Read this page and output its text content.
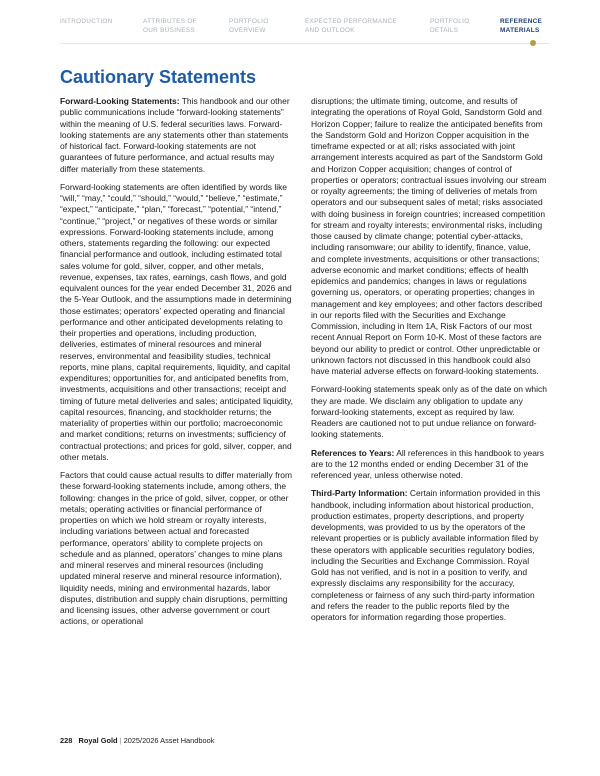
INTRODUCTION	ATTRIBUTES OF
OUR BUSINESS
PORTFOLIO
OVERVIEW
EXPECTED PERFORMANCE
AND OUTLOOK
PORTFOLIO
DETAILS
REFERENCE
MATERIALS
Cautionary Statements

Forward-Looking Statements: This handbook and our other public communications include “forward-looking statements” within the meaning of U.S. federal securities laws. Forward-looking statements are any statements other than statements of historical fact. Forward-looking statements are not guarantees of future performance, and actual results may differ materially from these statements.

Forward-looking statements are often identified by words like “will,” “may,” “could,” “should,” “would,” “believe,” “estimate,” “expect,” “anticipate,” “plan,” “forecast,” “potential,” “intend,” “continue,” “project,” or negatives of these words or similar expressions. Forward-looking statements include, among others, statements regarding the following: our expected financial performance and outlook, including estimated total sales volume for gold, silver, copper, and other metals, revenue, expenses, tax rates, earnings, cash flows, and gold equivalent ounces for the year ended December 31, 2026 and the 5-Year Outlook, and the assumptions made in determining those estimates; operators’ expected operating and financial performance and other anticipated developments relating to their properties and operations, including production, deliveries, estimates of mineral resources and mineral reserves, environmental and feasibility studies, technical reports, mine plans, capital requirements, liquidity, and capital expenditures; opportunities for, and anticipated benefits from, investments, acquisitions and other transactions; receipt and timing of future metal deliveries and sales; anticipated liquidity, capital resources, financing, and stockholder returns; the materiality of properties within our portfolio; macroeconomic and market conditions; returns on investments; sufficiency of contractual protections; and prices for gold, silver, copper, and other metals.

Factors that could cause actual results to differ materially from these forward-looking statements include, among others, the following: changes in the price of gold, silver, copper, or other metals; operating activities or financial performance of properties on which we hold stream or royalty interests, including variations between actual and forecasted performance, operators’ ability to complete projects on schedule and as planned, operators’ changes to mine plans and mineral reserves and mineral resources (including updated mineral reserve and mineral resource information), liquidity needs, mining and environmental hazards, labor disputes, distribution and supply chain disruptions, permitting and licensing issues, other adverse government or court actions, or operational

disruptions; the ultimate timing, outcome, and results of integrating the operations of Royal Gold, Sandstorm Gold and Horizon Copper; failure to realize the anticipated benefits from the Sandstorm Gold and Horizon Copper acquisition in the timeframe expected or at all; risks associated with joint arrangement interests acquired as part of the Sandstorm Gold and Horizon Copper acquisition; changes of control of properties or operators; contractual issues involving our stream or royalty agreements; the timing of deliveries of metals from operators and our subsequent sales of metal; risks associated with doing business in foreign countries; increased competition for stream and royalty interests; environmental risks, including those caused by climate change; potential cyber-attacks, including ransomware; our ability to identify, finance, value, and complete investments, acquisitions or other transactions; adverse economic and market conditions; effects of health epidemics and pandemics; changes in laws or regulations governing us, operators, or operating properties; changes in management and key employees; and other factors described in our reports filed with the Securities and Exchange Commission, including in Item 1A, Risk Factors of our most recent Annual Report on Form 10-K. Most of these factors are beyond our ability to predict or control. Other unpredictable or unknown factors not discussed in this handbook could also have material adverse effects on forward-looking statements.

Forward-looking statements speak only as of the date on which they are made. We disclaim any obligation to update any forward-looking statements, except as required by law. Readers are cautioned not to put undue reliance on forward-looking statements.

References to Years: All references in this handbook to years are to the 12 months ended or ending December 31 of the referenced year, unless otherwise noted.

Third-Party Information: Certain information provided in this handbook, including information about historical production, production estimates, property descriptions, and property developments, was provided to us by the operators of the relevant properties or is publicly available information filed by these operators with applicable securities regulatory bodies, including the Securities and Exchange Commission. Royal Gold has not verified, and is not in a position to verify, and expressly disclaims any responsibility for the accuracy, completeness or fairness of any such third-party information and refers the reader to the public reports filed by the operators for information regarding those properties.

228 Royal Gold | 2025/2026 Asset Handbook
